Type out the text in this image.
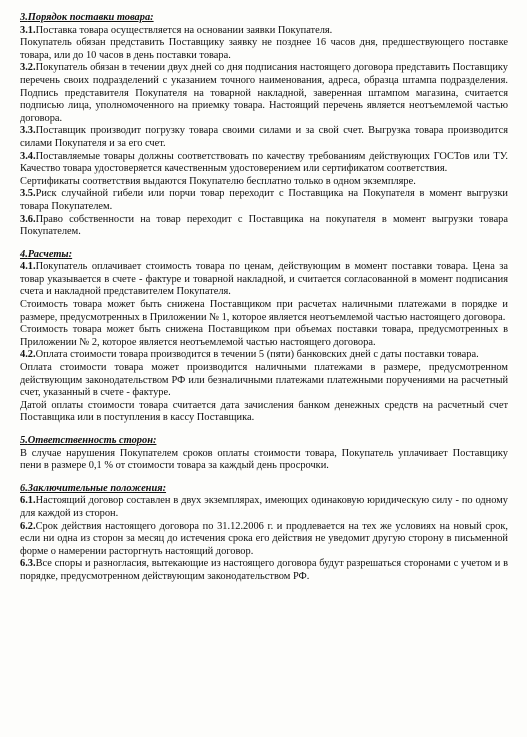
3.Порядок поставки товара:

3.1.Поставка товара осуществляется на основании заявки Покупателя.

Покупатель обязан представить Поставщику заявку не позднее 16 часов дня, предшествующего поставке товара, или до 10 часов в день поставки товара.

3.2.Покупатель обязан в течении двух дней со дня подписания настоящего договора представить Поставщику перечень своих подразделений с указанием точного наименования, адреса, образца штампа подразделения. Подпись представителя Покупателя на товарной накладной, заверенная штампом магазина, считается подписью лица, уполномоченного на приемку товара. Настоящий перечень является неотъемлемой частью договора.

3.3.Поставщик производит погрузку товара своими силами и за свой счет. Выгрузка товара производится силами Покупателя и за его счет.

3.4.Поставляемые товары должны соответствовать по качеству требованиям действующих ГОСТов или ТУ. Качество товара удостоверяется качественным удостоверением или сертификатом соответствия.

Сертификаты соответствия выдаются Покупателю бесплатно только в одном экземпляре.

3.5.Риск случайной гибели или порчи товар переходит с Поставщика на Покупателя в момент выгрузки товара Покупателем.

3.6.Право собственности на товар переходит с Поставщика на покупателя в момент выгрузки товара Покупателем.

4.Расчеты:

4.1.Покупатель оплачивает стоимость товара по ценам, действующим в момент поставки товара. Цена за товар указывается в счете - фактуре и товарной накладной, и считается согласованной в момент подписания счета и накладной представителем Покупателя.

Стоимость товара может быть снижена Поставщиком при расчетах наличными платежами в порядке и размере, предусмотренных в Приложении № 1, которое является неотъемлемой частью настоящего договора.

Стоимость товара может быть снижена Поставщиком при объемах поставки товара, предусмотренных в Приложении № 2, которое является неотъемлемой частью настоящего договора.

4.2.Оплата стоимости товара производится в течении 5 (пяти) банковских дней с даты поставки товара.

Оплата стоимости товара может производится наличными платежами в размере, предусмотренном действующим законодательством РФ или безналичными платежами платежными поручениями на расчетный счет, указанный в счете - фактуре.

Датой оплаты стоимости товара считается дата зачисления банком денежных средств на расчетный счет Поставщика или в поступления в кассу Поставщика.

5.Ответственность сторон:

В случае нарушения Покупателем сроков оплаты стоимости товара, Покупатель уплачивает Поставщику пени в размере 0,1 % от стоимости товара за каждый день просрочки.

6.Заключительные положения:

6.1.Настоящий договор составлен в двух экземплярах, имеющих одинаковую юридическую силу - по одному для каждой из сторон.

6.2.Срок действия настоящего договора по 31.12.2006 г. и продлевается на тех же условиях на новый срок, если ни одна из сторон за месяц до истечения срока его действия не уведомит другую сторону в письменной форме о намерении расторгнуть настоящий договор.

6.3.Все споры и разногласия, вытекающие из настоящего договора будут разрешаться сторонами с учетом и в порядке, предусмотренном действующим законодательством РФ.
